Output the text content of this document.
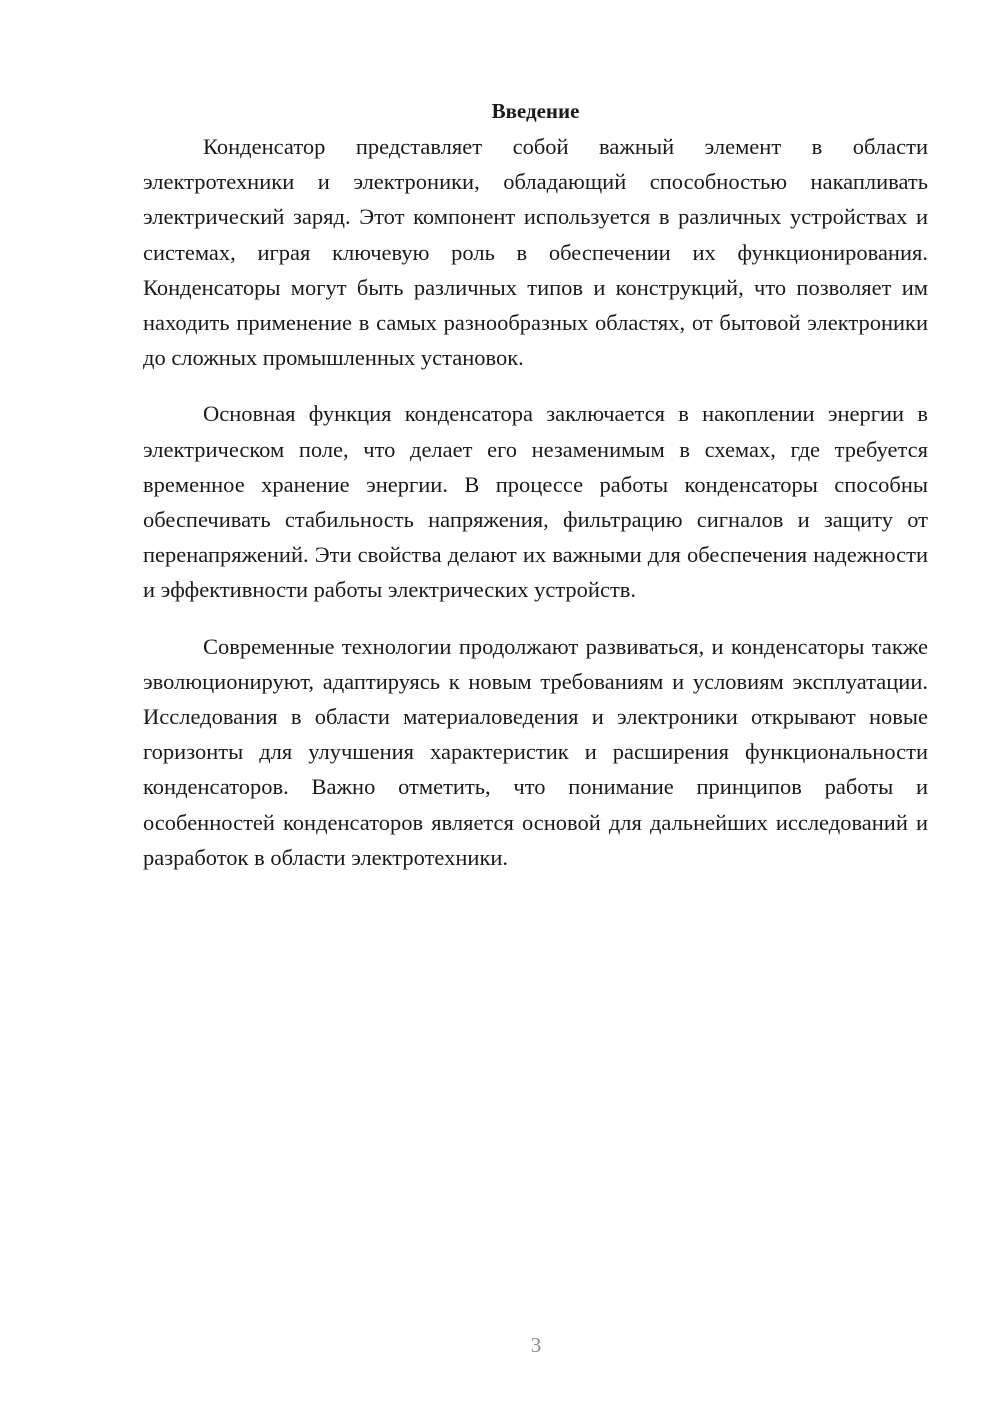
Введение

Конденсатор представляет собой важный элемент в области электротехники и электроники, обладающий способностью накапливать электрический заряд. Этот компонент используется в различных устройствах и системах, играя ключевую роль в обеспечении их функционирования. Конденсаторы могут быть различных типов и конструкций, что позволяет им находить применение в самых разнообразных областях, от бытовой электроники до сложных промышленных установок.

Основная функция конденсатора заключается в накоплении энергии в электрическом поле, что делает его незаменимым в схемах, где требуется временное хранение энергии. В процессе работы конденсаторы способны обеспечивать стабильность напряжения, фильтрацию сигналов и защиту от перенапряжений. Эти свойства делают их важными для обеспечения надежности и эффективности работы электрических устройств.

Современные технологии продолжают развиваться, и конденсаторы также эволюционируют, адаптируясь к новым требованиям и условиям эксплуатации. Исследования в области материаловедения и электроники открывают новые горизонты для улучшения характеристик и расширения функциональности конденсаторов. Важно отметить, что понимание принципов работы и особенностей конденсаторов является основой для дальнейших исследований и разработок в области электротехники.

3
